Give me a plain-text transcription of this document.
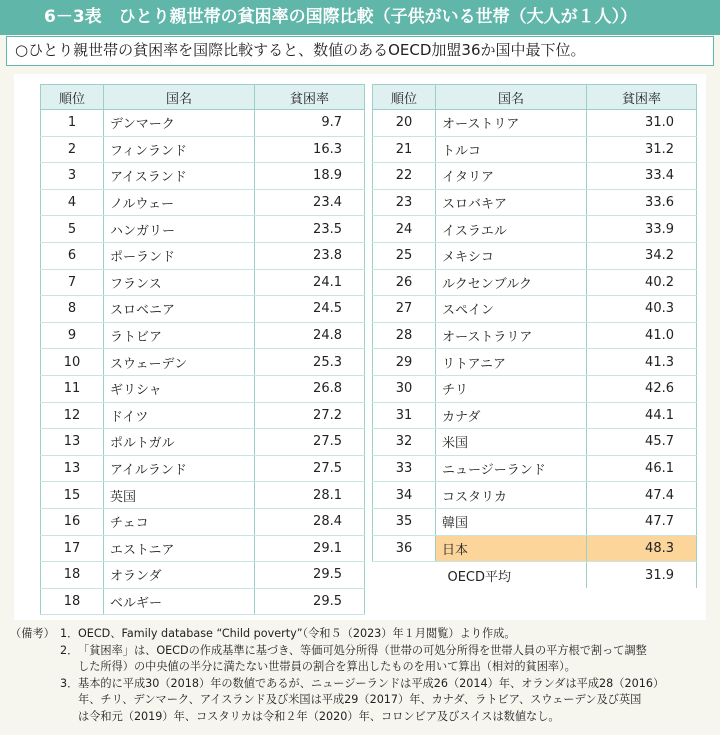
6－3表　ひとり親世帯の貧困率の国際比較（子供がいる世帯（大人が１人））
○ひとり親世帯の貧困率を国際比較すると、数値のあるOECD加盟36か国中最下位。
順位	国名	貧困率
1	デンマーク	9.7
2	フィンランド	16.3
3	アイスランド	18.9
4	ノルウェー	23.4
5	ハンガリー	23.5
6	ポーランド	23.8
7	フランス	24.1
8	スロベニア	24.5
9	ラトビア	24.8
10	スウェーデン	25.3
11	ギリシャ	26.8
12	ドイツ	27.2
13	ポルトガル	27.5
13	アイルランド	27.5
15	英国	28.1
16	チェコ	28.4
17	エストニア	29.1
18	オランダ	29.5
18	ベルギー	29.5
順位	国名	貧困率
20	オーストリア	31.0
21	トルコ	31.2
22	イタリア	33.4
23	スロバキア	33.6
24	イスラエル	33.9
25	メキシコ	34.2
26	ルクセンブルク	40.2
27	スペイン	40.3
28	オーストラリア	41.0
29	リトアニア	41.3
30	チリ	42.6
31	カナダ	44.1
32	米国	45.7
33	ニュージーランド	46.1
34	コスタリカ	47.4
35	韓国	47.7
36	日本	48.3
OECD平均		31.9
（備考） 1． OECD、Family database “Child poverty”（令和５（2023）年１月閲覧）より作成。
2． 「貧困率」は、OECDの作成基準に基づき、等価可処分所得（世帯の可処分所得を世帯人員の平方根で割って調整
した所得）の中央値の半分に満たない世帯員の割合を算出したものを用いて算出（相対的貧困率）。
3． 基本的に平成30（2018）年の数値であるが、ニュージーランドは平成26（2014）年、オランダは平成28（2016）
年、チリ、デンマーク、アイスランド及び米国は平成29（2017）年、カナダ、ラトビア、スウェーデン及び英国
は令和元（2019）年、コスタリカは令和２年（2020）年、コロンビア及びスイスは数値なし。
